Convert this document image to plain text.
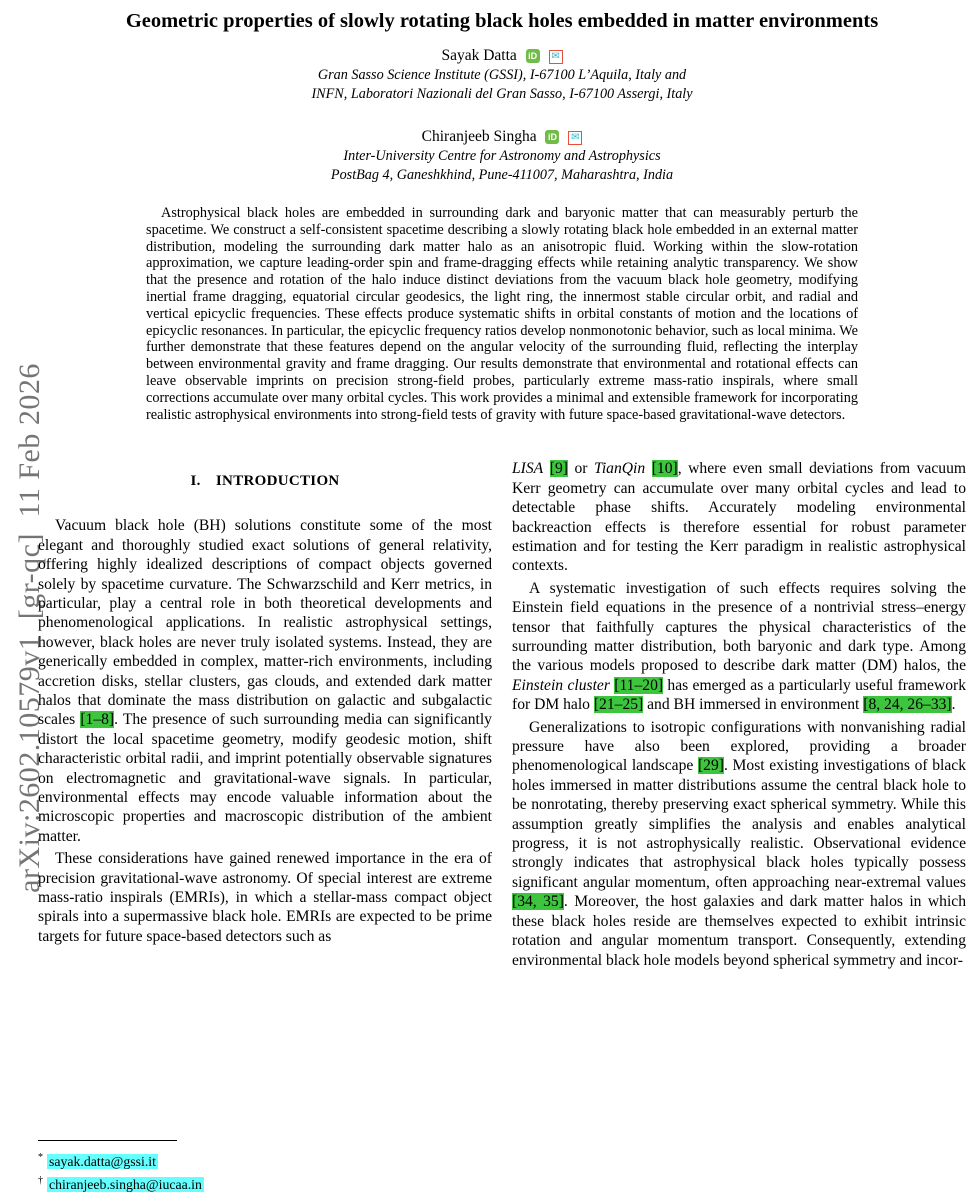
arXiv:2602.10579v1 [gr-qc] 11 Feb 2026
Geometric properties of slowly rotating black holes embedded in matter environments
Sayak Datta iD ✉
Gran Sasso Science Institute (GSSI), I-67100 L’Aquila, Italy and
INFN, Laboratori Nazionali del Gran Sasso, I-67100 Assergi, Italy
Chiranjeeb Singha iD ✉
Inter-University Centre for Astronomy and Astrophysics
PostBag 4, Ganeshkhind, Pune-411007, Maharashtra, India
Astrophysical black holes are embedded in surrounding dark and baryonic matter that can measurably perturb the spacetime. We construct a self-consistent spacetime describing a slowly rotating black hole embedded in an external matter distribution, modeling the surrounding dark matter halo as an anisotropic fluid. Working within the slow-rotation approximation, we capture leading-order spin and frame-dragging effects while retaining analytic transparency. We show that the presence and rotation of the halo induce distinct deviations from the vacuum black hole geometry, modifying inertial frame dragging, equatorial circular geodesics, the light ring, the innermost stable circular orbit, and radial and vertical epicyclic frequencies. These effects produce systematic shifts in orbital constants of motion and the locations of epicyclic resonances. In particular, the epicyclic frequency ratios develop nonmonotonic behavior, such as local minima. We further demonstrate that these features depend on the angular velocity of the surrounding fluid, reflecting the interplay between environmental gravity and frame dragging. Our results demonstrate that environmental and rotational effects can leave observable imprints on precision strong-field probes, particularly extreme mass-ratio inspirals, where small corrections accumulate over many orbital cycles. This work provides a minimal and extensible framework for incorporating realistic astrophysical environments into strong-field tests of gravity with future space-based gravitational-wave detectors.
I. INTRODUCTION

Vacuum black hole (BH) solutions constitute some of the most elegant and thoroughly studied exact solutions of general relativity, offering highly idealized descriptions of compact objects governed solely by spacetime curvature. The Schwarzschild and Kerr metrics, in particular, play a central role in both theoretical developments and phenomenological applications. In realistic astrophysical settings, however, black holes are never truly isolated systems. Instead, they are generically embedded in complex, matter-rich environments, including accretion disks, stellar clusters, gas clouds, and extended dark matter halos that dominate the mass distribution on galactic and subgalactic scales [1–8]. The presence of such surrounding media can significantly distort the local spacetime geometry, modify geodesic motion, shift characteristic orbital radii, and imprint potentially observable signatures on electromagnetic and gravitational-wave signals. In particular, environmental effects may encode valuable information about the microscopic properties and macroscopic distribution of the ambient matter.

These considerations have gained renewed importance in the era of precision gravitational-wave astronomy. Of special interest are extreme mass-ratio inspirals (EMRIs), in which a stellar-mass compact object spirals into a supermassive black hole. EMRIs are expected to be prime targets for future space-based detectors such as

LISA [9] or TianQin [10], where even small deviations from vacuum Kerr geometry can accumulate over many orbital cycles and lead to detectable phase shifts. Accurately modeling environmental backreaction effects is therefore essential for robust parameter estimation and for testing the Kerr paradigm in realistic astrophysical contexts.

A systematic investigation of such effects requires solving the Einstein field equations in the presence of a nontrivial stress–energy tensor that faithfully captures the physical characteristics of the surrounding matter distribution, both baryonic and dark type. Among the various models proposed to describe dark matter (DM) halos, the Einstein cluster [11–20] has emerged as a particularly useful framework for DM halo [21–25] and BH immersed in environment [8, 24, 26–33].

Generalizations to isotropic configurations with nonvanishing radial pressure have also been explored, providing a broader phenomenological landscape [29]. Most existing investigations of black holes immersed in matter distributions assume the central black hole to be nonrotating, thereby preserving exact spherical symmetry. While this assumption greatly simplifies the analysis and enables analytical progress, it is not astrophysically realistic. Observational evidence strongly indicates that astrophysical black holes typically possess significant angular momentum, often approaching near-extremal values [34, 35]. Moreover, the host galaxies and dark matter halos in which these black holes reside are themselves expected to exhibit intrinsic rotation and angular momentum transport. Consequently, extending environmental black hole models beyond spherical symmetry and incor-

* sayak.datta@gssi.it
† chiranjeeb.singha@iucaa.in
